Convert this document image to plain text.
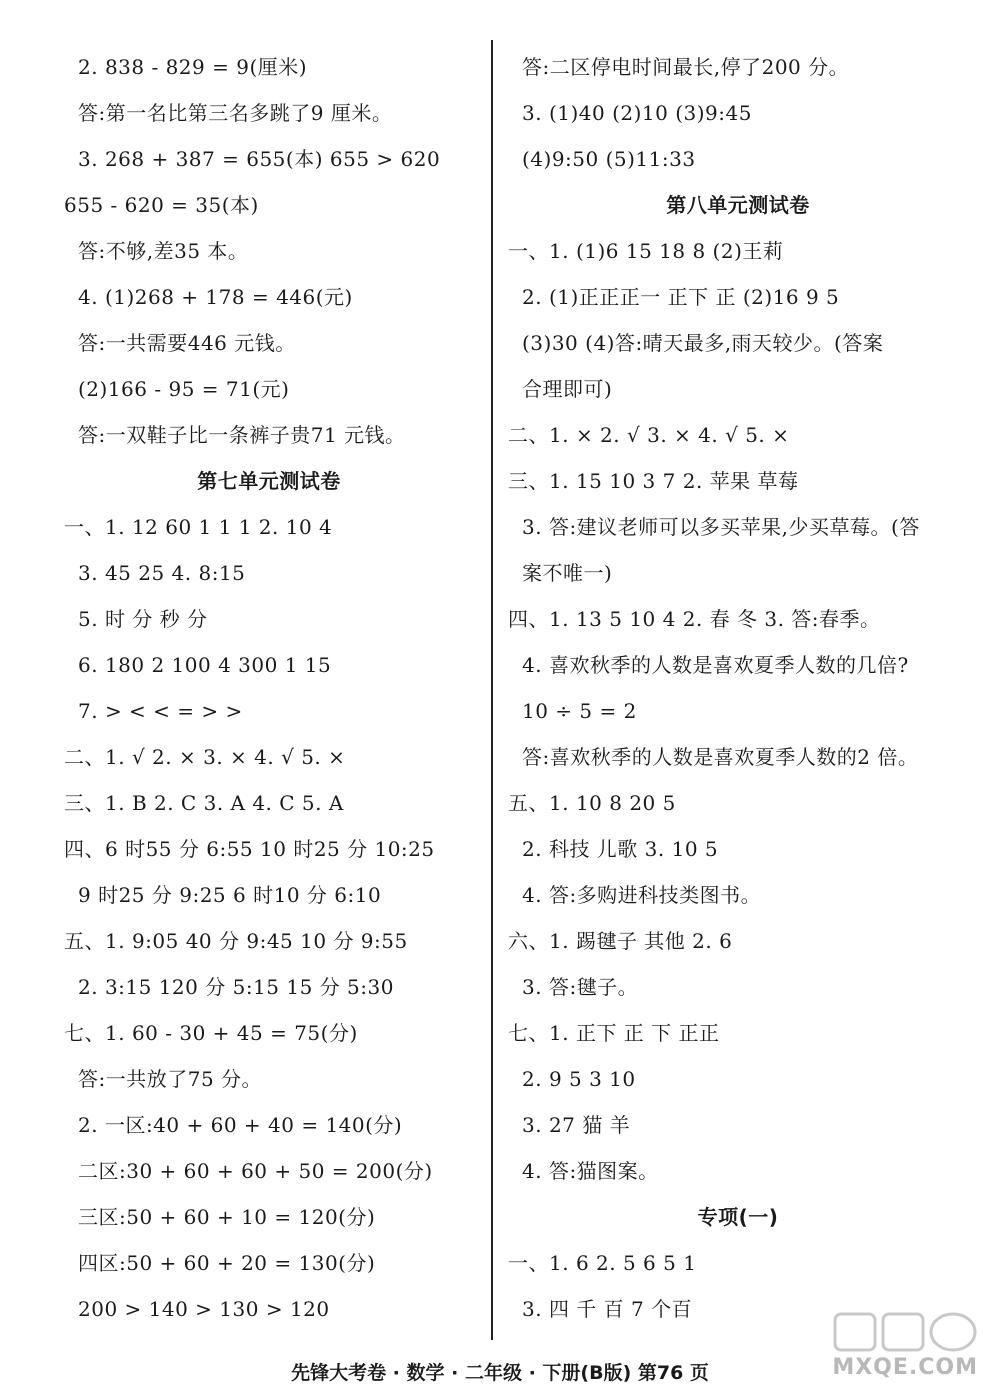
2. 838 - 829 = 9(厘米)
答:第一名比第三名多跳了9 厘米。
3. 268 + 387 = 655(本) 655 > 620
655 - 620 = 35(本)
答:不够,差35 本。
4. (1)268 + 178 = 446(元)
答:一共需要446 元钱。
(2)166 - 95 = 71(元)
答:一双鞋子比一条裤子贵71 元钱。
第七单元测试卷
一、1. 12 60 1 1 1 2. 10 4
3. 45 25 4. 8:15
5. 时 分 秒 分
6. 180 2 100 4 300 1 15
7. > < < = > >
二、1. √ 2. × 3. × 4. √ 5. ×
三、1. B 2. C 3. A 4. C 5. A
四、6 时55 分 6:55 10 时25 分 10:25
9 时25 分 9:25 6 时10 分 6:10
五、1. 9:05 40 分 9:45 10 分 9:55
2. 3:15 120 分 5:15 15 分 5:30
七、1. 60 - 30 + 45 = 75(分)
答:一共放了75 分。
2. 一区:40 + 60 + 40 = 140(分)
二区:30 + 60 + 60 + 50 = 200(分)
三区:50 + 60 + 10 = 120(分)
四区:50 + 60 + 20 = 130(分)
200 > 140 > 130 > 120
答:二区停电时间最长,停了200 分。
3. (1)40 (2)10 (3)9:45
(4)9:50 (5)11:33
第八单元测试卷
一、1. (1)6 15 18 8 (2)王莉
2. (1)正正正一 正下 正 (2)16 9 5
(3)30 (4)答:晴天最多,雨天较少。(答案
合理即可)
二、1. × 2. √ 3. × 4. √ 5. ×
三、1. 15 10 3 7 2. 苹果 草莓
3. 答:建议老师可以多买苹果,少买草莓。(答
案不唯一)
四、1. 13 5 10 4 2. 春 冬 3. 答:春季。
4. 喜欢秋季的人数是喜欢夏季人数的几倍?
10 ÷ 5 = 2
答:喜欢秋季的人数是喜欢夏季人数的2 倍。
五、1. 10 8 20 5
2. 科技 儿歌 3. 10 5
4. 答:多购进科技类图书。
六、1. 踢毽子 其他 2. 6
3. 答:毽子。
七、1. 正下 正 下 正正
2. 9 5 3 10
3. 27 猫 羊
4. 答:猫图案。
专项(一)
一、1. 6 2. 5 6 5 1
3. 四 千 百 7 个百
先锋大考卷 · 数学 · 二年级 · 下册(B版) 第76 页	MXQE.COM
